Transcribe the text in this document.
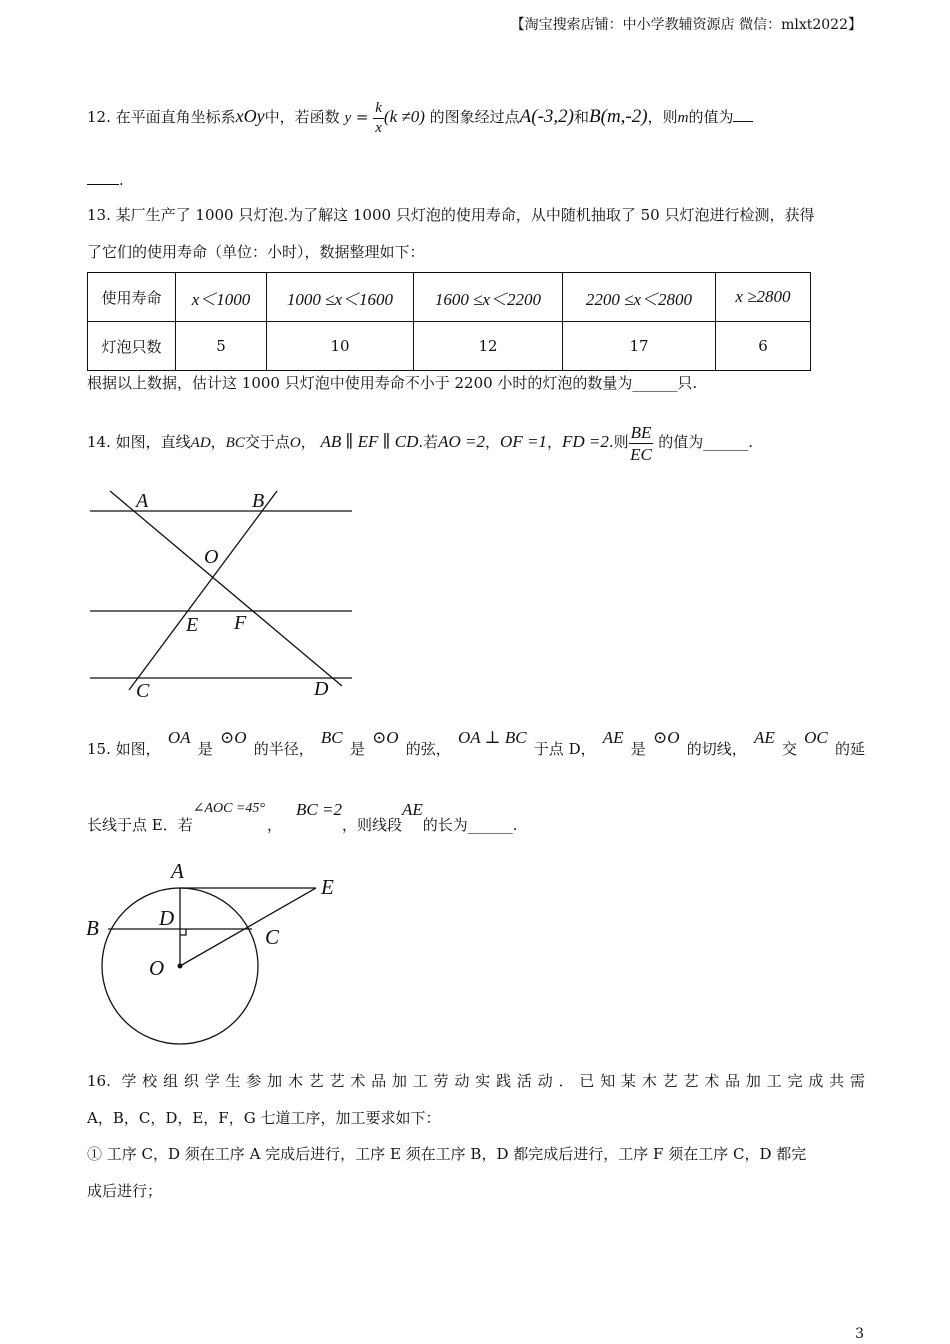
【淘宝搜索店铺：中小学教辅资源店 微信：mlxt2022】
12. 在平面直角坐标系xOy中，若函数 $y = \frac{k}{x} (k \ne 0)$ 的图象经过点A(-3,2)和B(m,-2)，则m的值为
.
13. 某厂生产了 1000 只灯泡.为了解这 1000 只灯泡的使用寿命，从中随机抽取了 50 只灯泡进行检测，获得
了它们的使用寿命（单位：小时），数据整理如下：
使用寿命	x＜1000	1000 ≤x＜1600	1600 ≤x＜2200	2200 ≤x＜2800	x ≥2800
灯泡只数	5	10	12	17	6
根据以上数据，估计这 1000 只灯泡中使用寿命不小于 2200 小时的灯泡的数量为______只.
14. 如图，直线AD，BC交于点O， AB ∥ EF ∥ CD.若AO =2，OF =1，FD =2.则 $\frac{BE}{EC}$ 的值为______.
A	B
O
E F
C	D
A
E
D
B	C
O
15. 如图，
OA
是
⊙O
的半径，
BC
是
⊙O
的弦，
OA ⊥ BC
于点 D，
AE
是
⊙O
的切线，
AE
交
OC
的延
长线于点 E．若
∠AOC =45°
，
BC =2
，则线段
AE
的长为______.
16. 学校组织学生参加木艺艺术品加工劳动实践活动．已知某木艺艺术品加工完成共需
A，B，C，D，E，F，G 七道工序，加工要求如下：
① 工序 C，D 须在工序 A 完成后进行，工序 E 须在工序 B，D 都完成后进行，工序 F 须在工序 C，D 都完
成后进行；
3
